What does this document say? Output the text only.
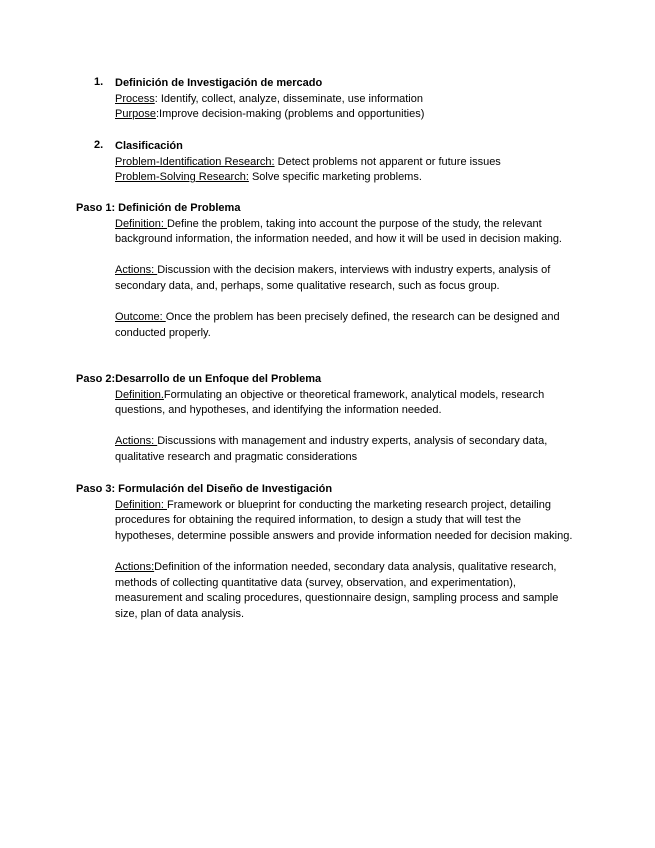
1. Definición de Investigación de mercado
Process: Identify, collect, analyze, disseminate, use information
Purpose:Improve decision-making (problems and opportunities)
2. Clasificación
Problem-Identification Research: Detect problems not apparent or future issues
Problem-Solving Research: Solve specific marketing problems.
Paso 1: Definición de Problema
Definition: Define the problem, taking into account the purpose of the study, the relevant background information, the information needed, and how it will be used in decision making.
Actions: Discussion with the decision makers, interviews with industry experts, analysis of secondary data, and, perhaps, some qualitative research, such as focus group.
Outcome: Once the problem has been precisely defined, the research can be designed and conducted properly.
Paso 2:Desarrollo de un Enfoque del Problema
Definition.Formulating an objective or theoretical framework, analytical models, research questions, and hypotheses, and identifying the information needed.
Actions: Discussions with management and industry experts, analysis of secondary data, qualitative research and pragmatic considerations
Paso 3: Formulación del Diseño de Investigación
Definition: Framework or blueprint for conducting the marketing research project, detailing procedures for obtaining the required information, to design a study that will test the hypotheses, determine possible answers and provide information needed for decision making.
Actions:Definition of the information needed, secondary data analysis, qualitative research, methods of collecting quantitative data (survey, observation, and experimentation), measurement and scaling procedures, questionnaire design, sampling process and sample size, plan of data analysis.
